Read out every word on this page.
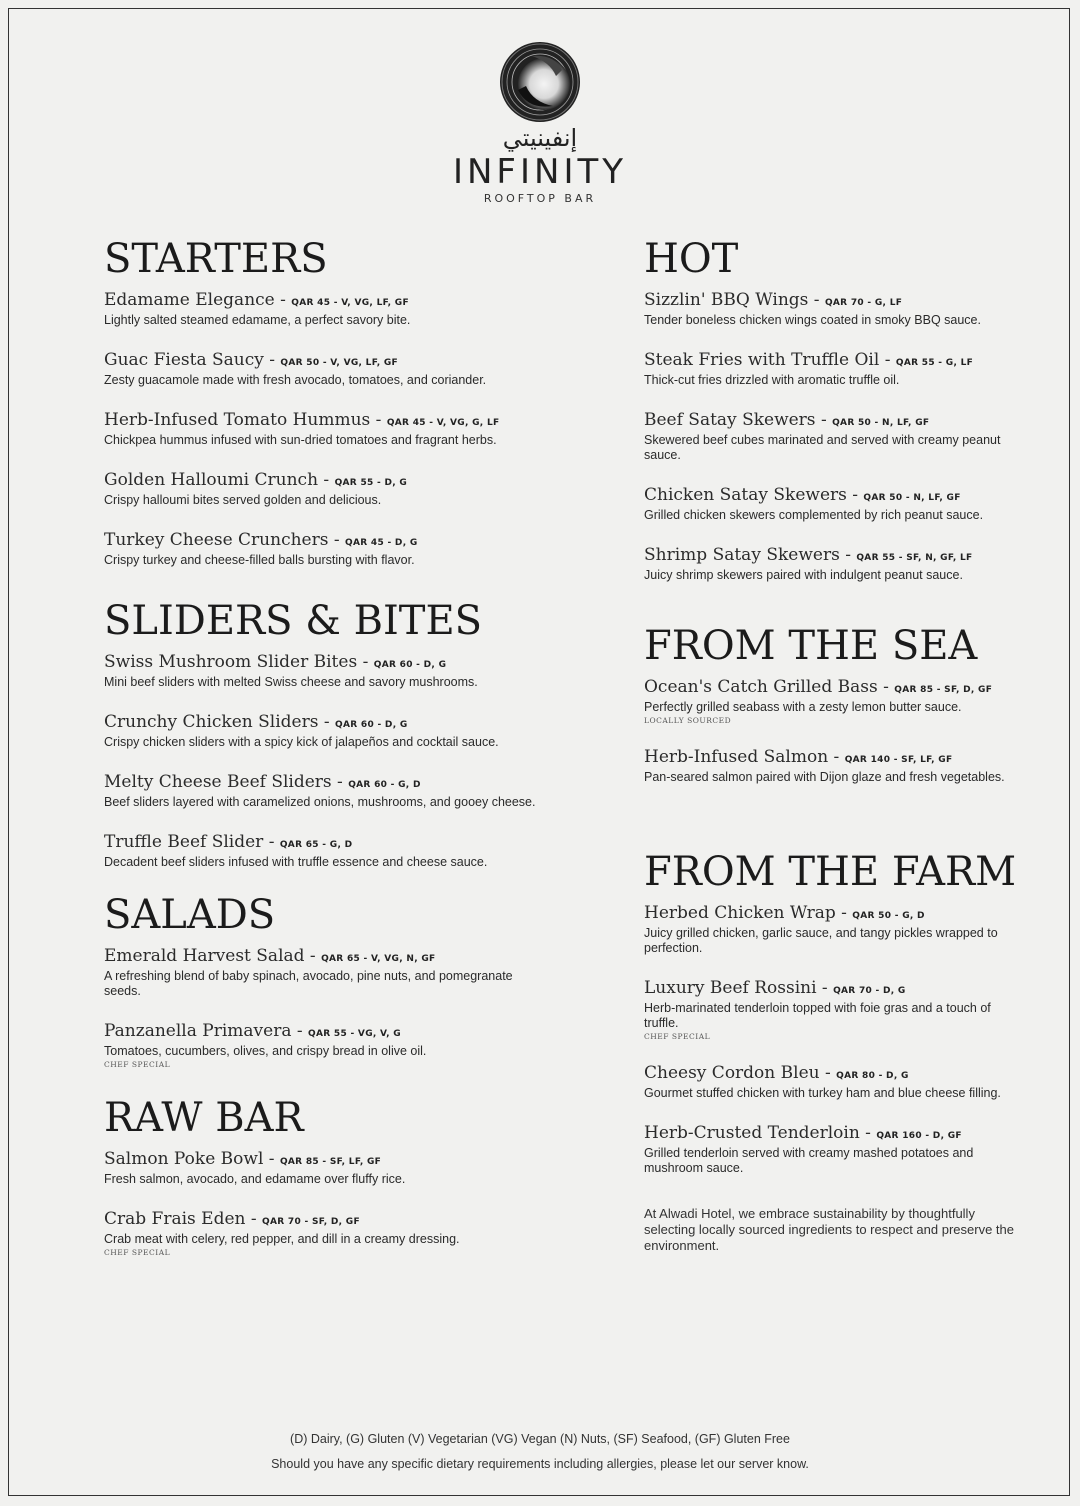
إنفينيتي
INFINITY
ROOFTOP BAR
STARTERS
Edamame Elegance - QAR 45 - V, VG, LF, GF
Lightly salted steamed edamame, a perfect savory bite.
Guac Fiesta Saucy - QAR 50 - V, VG, LF, GF
Zesty guacamole made with fresh avocado, tomatoes, and coriander.
Herb-Infused Tomato Hummus - QAR 45 - V, VG, G, LF
Chickpea hummus infused with sun-dried tomatoes and fragrant herbs.
Golden Halloumi Crunch - QAR 55 - D, G
Crispy halloumi bites served golden and delicious.
Turkey Cheese Crunchers - QAR 45 - D, G
Crispy turkey and cheese-filled balls bursting with flavor.
SLIDERS & BITES
Swiss Mushroom Slider Bites - QAR 60 - D, G
Mini beef sliders with melted Swiss cheese and savory mushrooms.
Crunchy Chicken Sliders - QAR 60 - D, G
Crispy chicken sliders with a spicy kick of jalapeños and cocktail sauce.
Melty Cheese Beef Sliders - QAR 60 - G, D
Beef sliders layered with caramelized onions, mushrooms, and gooey cheese.
Truffle Beef Slider - QAR 65 - G, D
Decadent beef sliders infused with truffle essence and cheese sauce.
SALADS
Emerald Harvest Salad - QAR 65 - V, VG, N, GF
A refreshing blend of baby spinach, avocado, pine nuts, and pomegranate seeds.
Panzanella Primavera - QAR 55 - VG, V, G
Tomatoes, cucumbers, olives, and crispy bread in olive oil.
CHEF SPECIAL
RAW BAR
Salmon Poke Bowl - QAR 85 - SF, LF, GF
Fresh salmon, avocado, and edamame over fluffy rice.
Crab Frais Eden - QAR 70 - SF, D, GF
Crab meat with celery, red pepper, and dill in a creamy dressing.
CHEF SPECIAL
HOT
Sizzlin' BBQ Wings - QAR 70 - G, LF
Tender boneless chicken wings coated in smoky BBQ sauce.
Steak Fries with Truffle Oil - QAR 55 - G, LF
Thick-cut fries drizzled with aromatic truffle oil.
Beef Satay Skewers - QAR 50 - N, LF, GF
Skewered beef cubes marinated and served with creamy peanut sauce.
Chicken Satay Skewers - QAR 50 - N, LF, GF
Grilled chicken skewers complemented by rich peanut sauce.
Shrimp Satay Skewers - QAR 55 - SF, N, GF, LF
Juicy shrimp skewers paired with indulgent peanut sauce.
FROM THE SEA
Ocean's Catch Grilled Bass - QAR 85 - SF, D, GF
Perfectly grilled seabass with a zesty lemon butter sauce.
LOCALLY SOURCED
Herb-Infused Salmon - QAR 140 - SF, LF, GF
Pan-seared salmon paired with Dijon glaze and fresh vegetables.
FROM THE FARM
Herbed Chicken Wrap - QAR 50 - G, D
Juicy grilled chicken, garlic sauce, and tangy pickles wrapped to perfection.
Luxury Beef Rossini - QAR 70 - D, G
Herb-marinated tenderloin topped with foie gras and a touch of truffle.
CHEF SPECIAL
Cheesy Cordon Bleu - QAR 80 - D, G
Gourmet stuffed chicken with turkey ham and blue cheese filling.
Herb-Crusted Tenderloin - QAR 160 - D, GF
Grilled tenderloin served with creamy mashed potatoes and mushroom sauce.
At Alwadi Hotel, we embrace sustainability by thoughtfully selecting locally sourced ingredients to respect and preserve the environment.
(D) Dairy, (G) Gluten (V) Vegetarian (VG) Vegan (N) Nuts, (SF) Seafood, (GF) Gluten Free
Should you have any specific dietary requirements including allergies, please let our server know.
